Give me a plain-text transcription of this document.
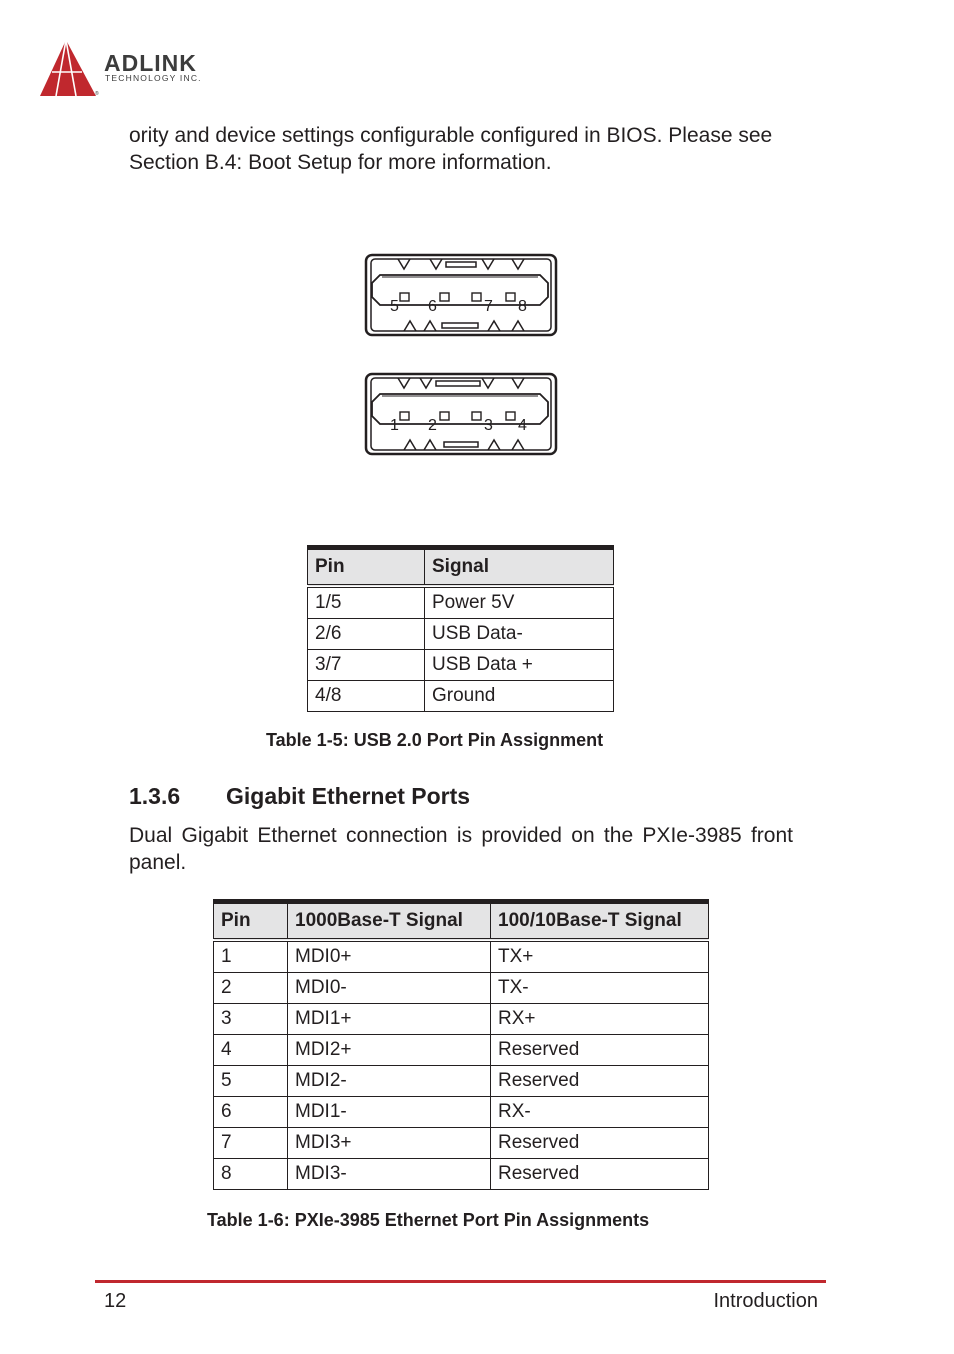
ADLINK
TECHNOLOGY INC.
®

ority and device settings configurable configured in BIOS. Please see Section B.4: Boot Setup for more information.

5 6	7 8
1 2	3 4
Pin	Signal
1/5	Power 5V
2/6	USB Data-
3/7	USB Data +
4/8	Ground

Table 1-5: USB 2.0 Port Pin Assignment

1.3.6 Gigabit Ethernet Ports

Dual Gigabit Ethernet connection is provided on the PXIe-3985 front panel.

Pin	1000Base-T Signal	100/10Base-T Signal
1	MDI0+	TX+
2	MDI0-	TX-
3	MDI1+	RX+
4	MDI2+	Reserved
5	MDI2-	Reserved
6	MDI1-	RX-
7	MDI3+	Reserved
8	MDI3-	Reserved

Table 1-6: PXIe-3985 Ethernet Port Pin Assignments

12	Introduction
